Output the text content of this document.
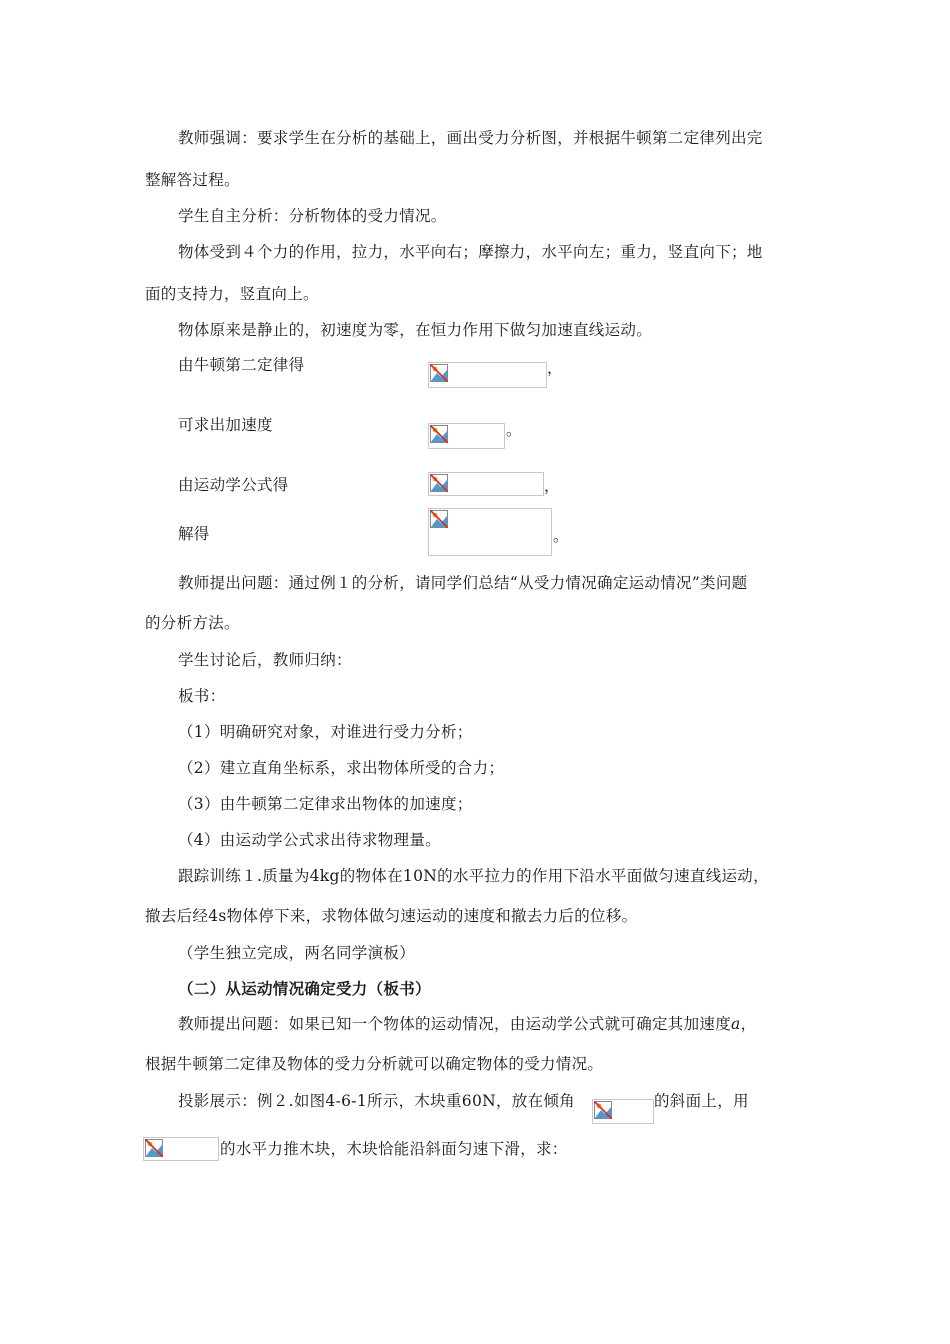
教师强调：要求学生在分析的基础上，画出受力分析图，并根据牛顿第二定律列出完
整解答过程。
学生自主分析：分析物体的受力情况。
物体受到４个力的作用，拉力，水平向右；摩擦力，水平向左；重力，竖直向下；地
面的支持力，竖直向上。
物体原来是静止的，初速度为零，在恒力作用下做匀加速直线运动。
由牛顿第二定律得	，
可求出加速度	。
由运动学公式得	，
解得	。
教师提出问题：通过例１的分析，请同学们总结“从受力情况确定运动情况”类问题
的分析方法。
学生讨论后，教师归纳：
板书：
（1）明确研究对象，对谁进行受力分析；
（2）建立直角坐标系，求出物体所受的合力；
（3）由牛顿第二定律求出物体的加速度；
（4）由运动学公式求出待求物理量。
跟踪训练１.质量为4kg的物体在10N的水平拉力的作用下沿水平面做匀速直线运动，
撤去后经4s物体停下来，求物体做匀速运动的速度和撤去力后的位移。
（学生独立完成，两名同学演板）
（二）从运动情况确定受力（板书）
教师提出问题：如果已知一个物体的运动情况，由运动学公式就可确定其加速度a，
根据牛顿第二定律及物体的受力分析就可以确定物体的受力情况。
投影展示：例２.如图4-6-1所示，木块重60N，放在倾角	的斜面上，用
的水平力推木块，木块恰能沿斜面匀速下滑，求：
